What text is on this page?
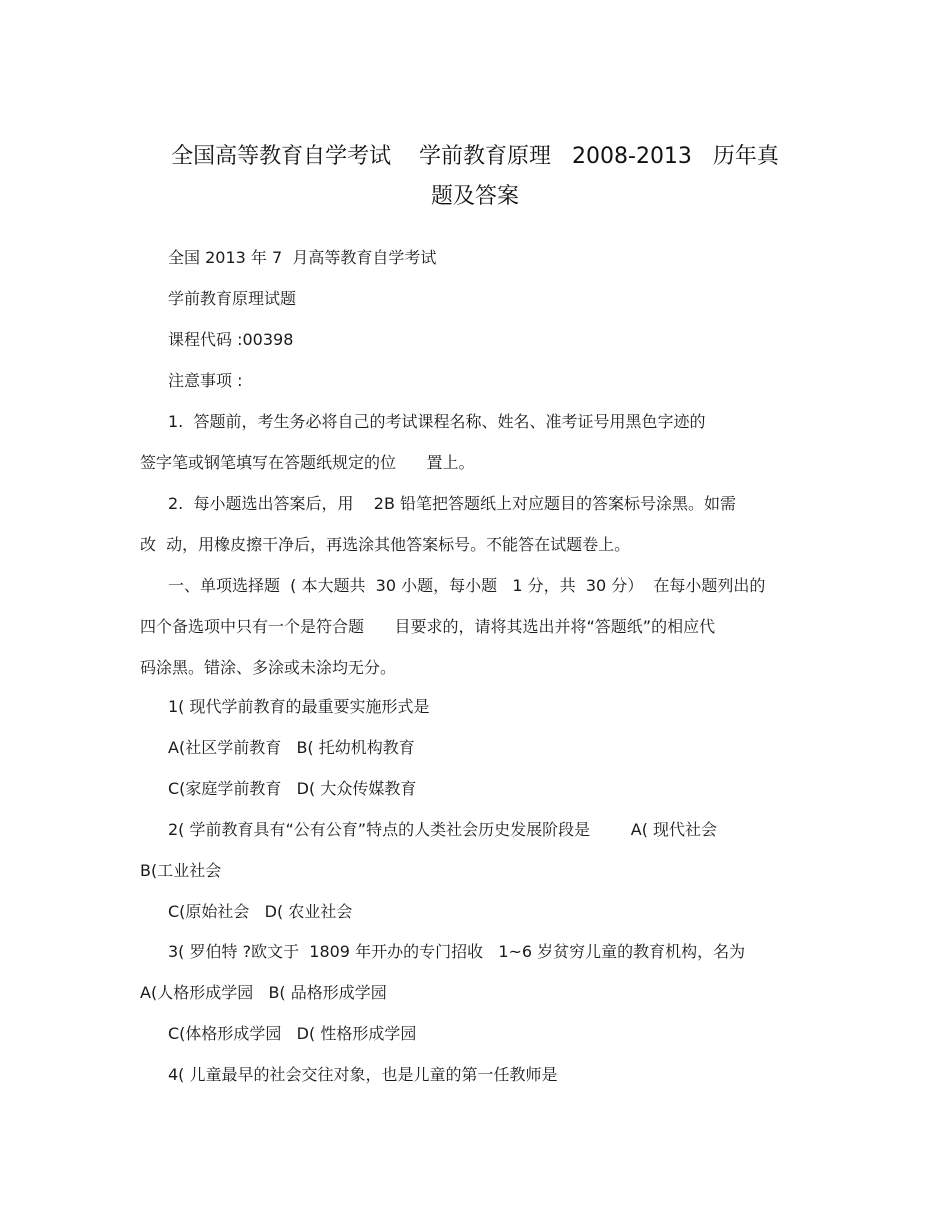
全国高等教育自学考试    学前教育原理   2008-2013   历年真
题及答案
全国 2013 年 7  月高等教育自学考试
学前教育原理试题
课程代码 :00398
注意事项 :
1.  答题前，考生务必将自己的考试课程名称、姓名、准考证号用黑色字迹的
签字笔或钢笔填写在答题纸规定的位      置上。
2.  每小题选出答案后，用    2B 铅笔把答题纸上对应题目的答案标号涂黑。如需
改  动，用橡皮擦干净后，再选涂其他答案标号。不能答在试题卷上。
一、单项选择题  ( 本大题共  30 小题，每小题   1 分，共  30 分）  在每小题列出的
四个备选项中只有一个是符合题      目要求的，请将其选出并将“答题纸”的相应代
码涂黑。错涂、多涂或未涂均无分。
1( 现代学前教育的最重要实施形式是
A(社区学前教育   B( 托幼机构教育
C(家庭学前教育   D( 大众传媒教育
2( 学前教育具有“公有公育”特点的人类社会历史发展阶段是        A( 现代社会
B(工业社会
C(原始社会   D( 农业社会
3( 罗伯特 ?欧文于  1809 年开办的专门招收   1~6 岁贫穷儿童的教育机构，名为
A(人格形成学园   B( 品格形成学园
C(体格形成学园   D( 性格形成学园
4( 儿童最早的社会交往对象，也是儿童的第一任教师是
